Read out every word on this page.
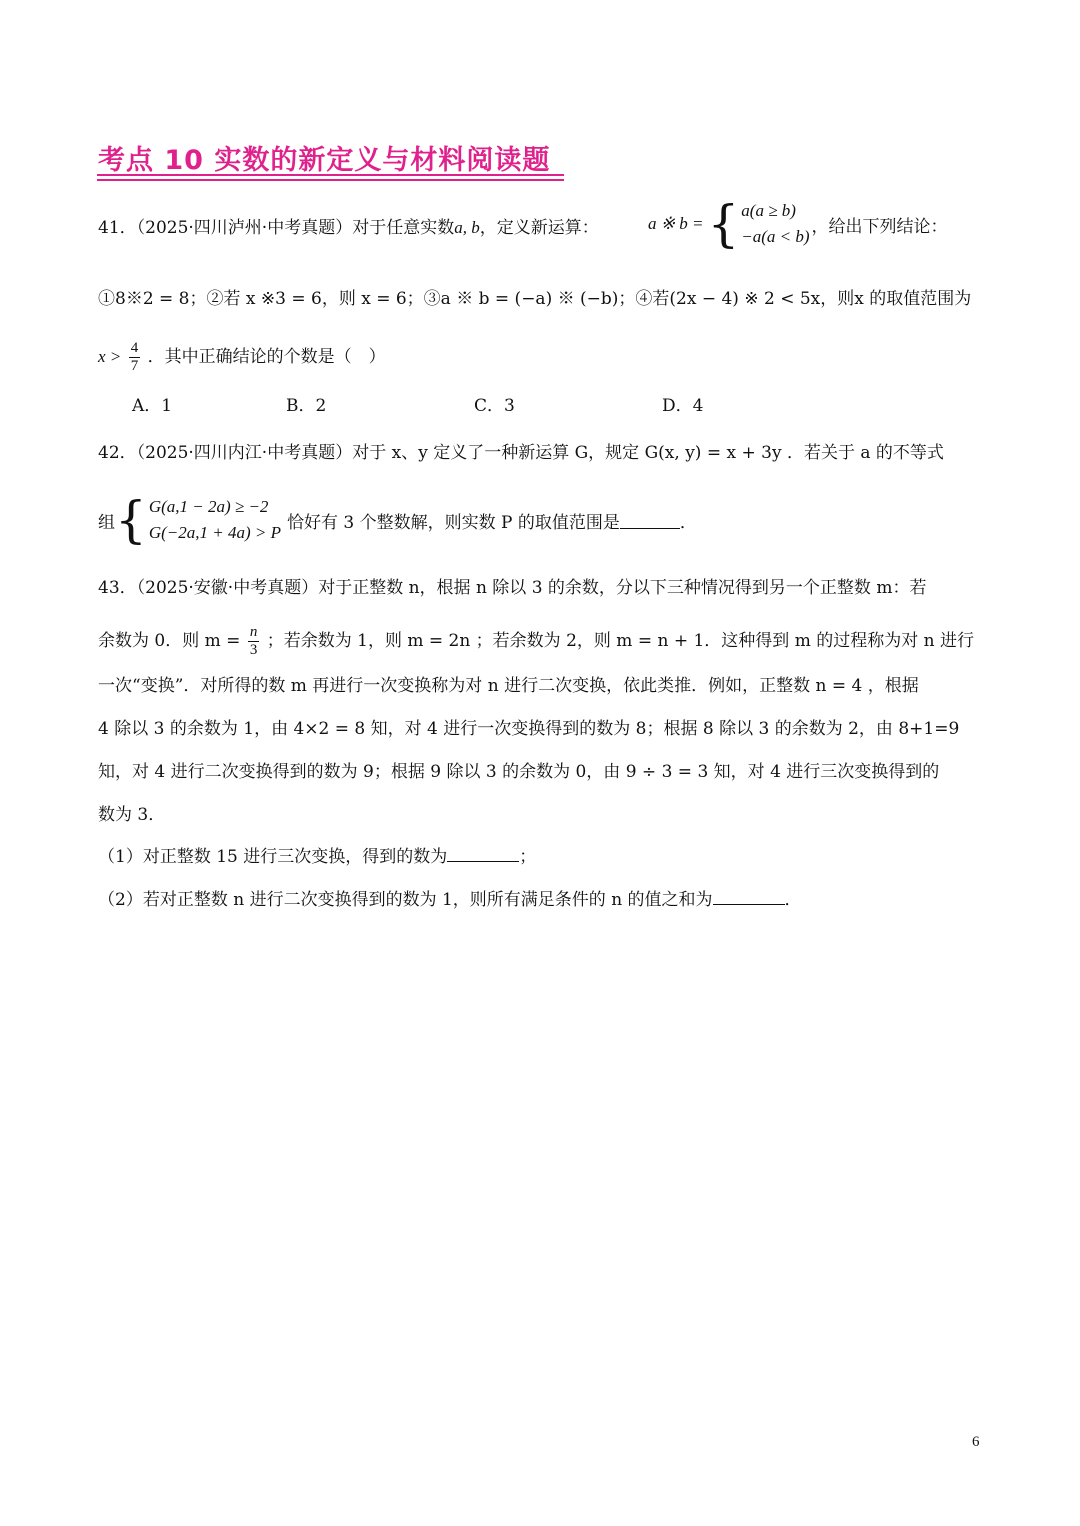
考点 10 实数的新定义与材料阅读题
41．（2025·四川泸州·中考真题）对于任意实数a, b，定义新运算：	a ※ b = { a(a ≥ b)
−a(a < b) ，给出下列结论：
①8※2 = 8；②若 x ※3 = 6，则 x = 6；③a ※ b = (−a) ※ (−b)；④若(2x − 4) ※ 2 < 5x，则x 的取值范围为
$x > \frac{4}{7}$ ．其中正确结论的个数是（　）
A．1	B．2	C．3	D．4
42．（2025·四川内江·中考真题）对于 x、y 定义了一种新运算 G，规定 G(x, y) = x + 3y ．若关于 a 的不等式
组 { G(a,1 − 2a) ≥ −2
G(−2a,1 + 4a) > P 恰好有 3 个整数解，则实数 P 的取值范围是	．
43．（2025·安徽·中考真题）对于正整数 n，根据 n 除以 3 的余数，分以下三种情况得到另一个正整数 m：若
余数为 0．则 $m = \frac{n}{3}$ ；若余数为 1，则 m = 2n ；若余数为 2，则 m = n + 1．这种得到 m 的过程称为对 n 进行
一次“变换”．对所得的数 m 再进行一次变换称为对 n 进行二次变换，依此类推．例如，正整数 n = 4 ，根据
4 除以 3 的余数为 1，由 4×2 = 8 知，对 4 进行一次变换得到的数为 8；根据 8 除以 3 的余数为 2，由 8+1=9
知，对 4 进行二次变换得到的数为 9；根据 9 除以 3 的余数为 0，由 9 ÷ 3 = 3 知，对 4 进行三次变换得到的
数为 3．
（1）对正整数 15 进行三次变换，得到的数为	；
（2）若对正整数 n 进行二次变换得到的数为 1，则所有满足条件的 n 的值之和为	．
6
